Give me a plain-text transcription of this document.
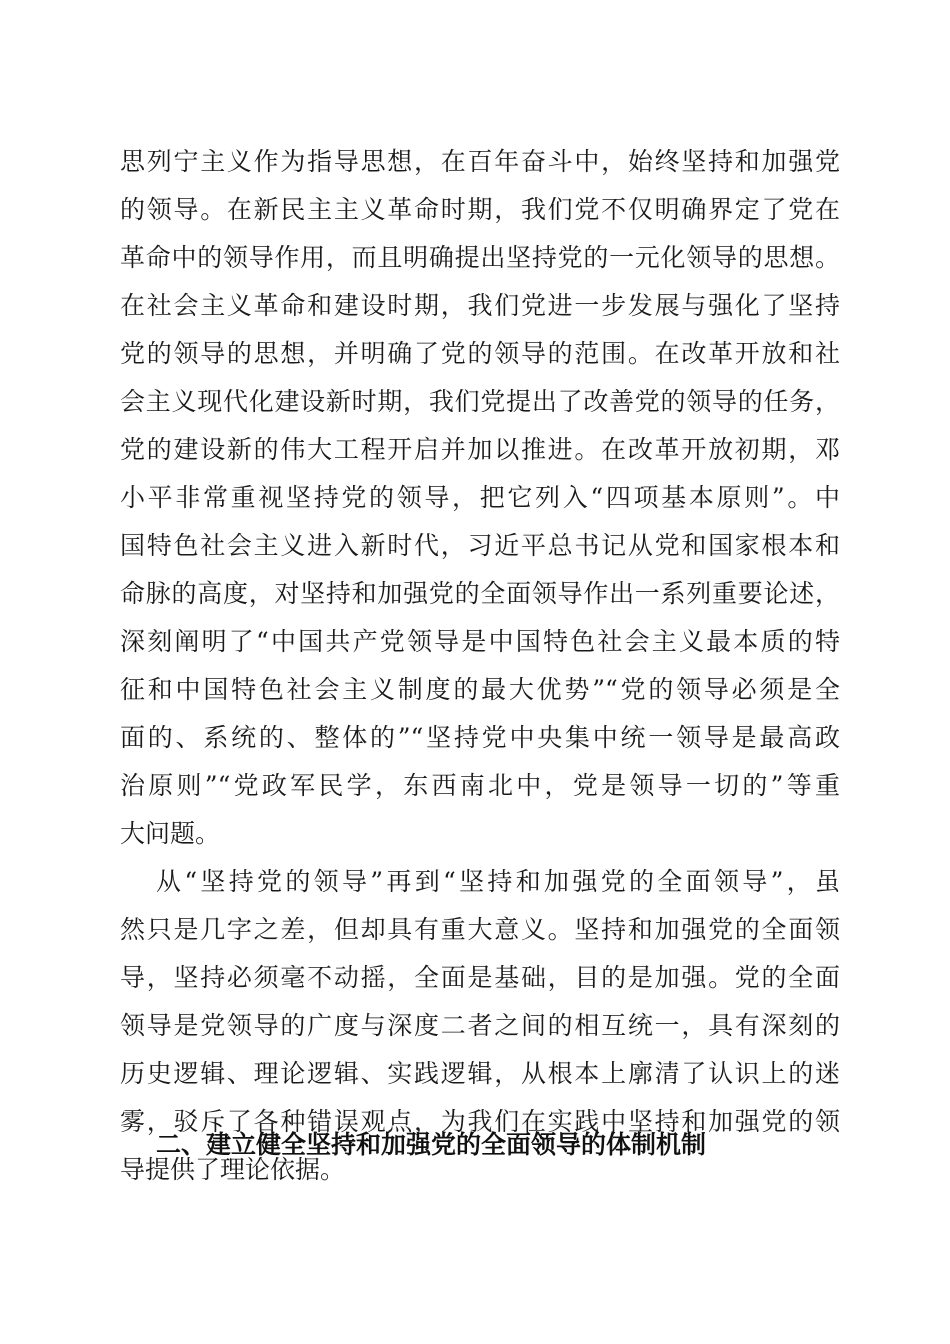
思列宁主义作为指导思想，在百年奋斗中，始终坚持和加强党
的领导。在新民主主义革命时期，我们党不仅明确界定了党在
革命中的领导作用，而且明确提出坚持党的一元化领导的思想。
在社会主义革命和建设时期，我们党进一步发展与强化了坚持
党的领导的思想，并明确了党的领导的范围。在改革开放和社
会主义现代化建设新时期，我们党提出了改善党的领导的任务，
党的建设新的伟大工程开启并加以推进。在改革开放初期，邓
小平非常重视坚持党的领导，把它列入“四项基本原则”。中
国特色社会主义进入新时代，习近平总书记从党和国家根本和
命脉的高度，对坚持和加强党的全面领导作出一系列重要论述，
深刻阐明了“中国共产党领导是中国特色社会主义最本质的特
征和中国特色社会主义制度的最大优势”“党的领导必须是全
面的、系统的、整体的”“坚持党中央集中统一领导是最高政
治原则”“党政军民学，东西南北中，党是领导一切的”等重
大问题。
从“坚持党的领导”再到“坚持和加强党的全面领导”，虽
然只是几字之差，但却具有重大意义。坚持和加强党的全面领
导，坚持必须毫不动摇，全面是基础，目的是加强。党的全面
领导是党领导的广度与深度二者之间的相互统一，具有深刻的
历史逻辑、理论逻辑、实践逻辑，从根本上廓清了认识上的迷
雾，驳斥了各种错误观点，为我们在实践中坚持和加强党的领
导提供了理论依据。
二、建立健全坚持和加强党的全面领导的体制机制
